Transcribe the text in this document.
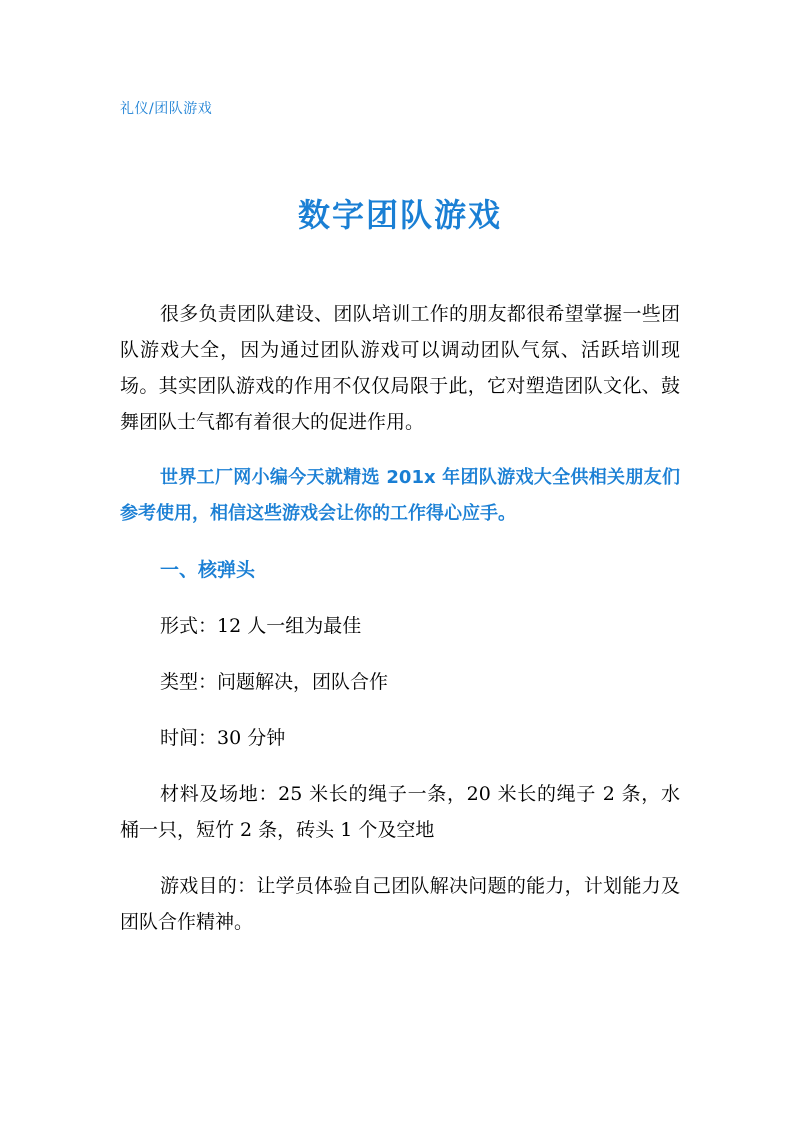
礼仪/团队游戏
数字团队游戏

很多负责团队建设、团队培训工作的朋友都很希望掌握一些团队游戏大全，因为通过团队游戏可以调动团队气氛、活跃培训现场。其实团队游戏的作用不仅仅局限于此，它对塑造团队文化、鼓舞团队士气都有着很大的促进作用。

世界工厂网小编今天就精选 201x 年团队游戏大全供相关朋友们参考使用，相信这些游戏会让你的工作得心应手。

一、核弹头

形式：12 人一组为最佳

类型：问题解决，团队合作

时间：30 分钟

材料及场地：25 米长的绳子一条，20 米长的绳子 2 条，水桶一只，短竹 2 条，砖头 1 个及空地

游戏目的：让学员体验自己团队解决问题的能力，计划能力及团队合作精神。
